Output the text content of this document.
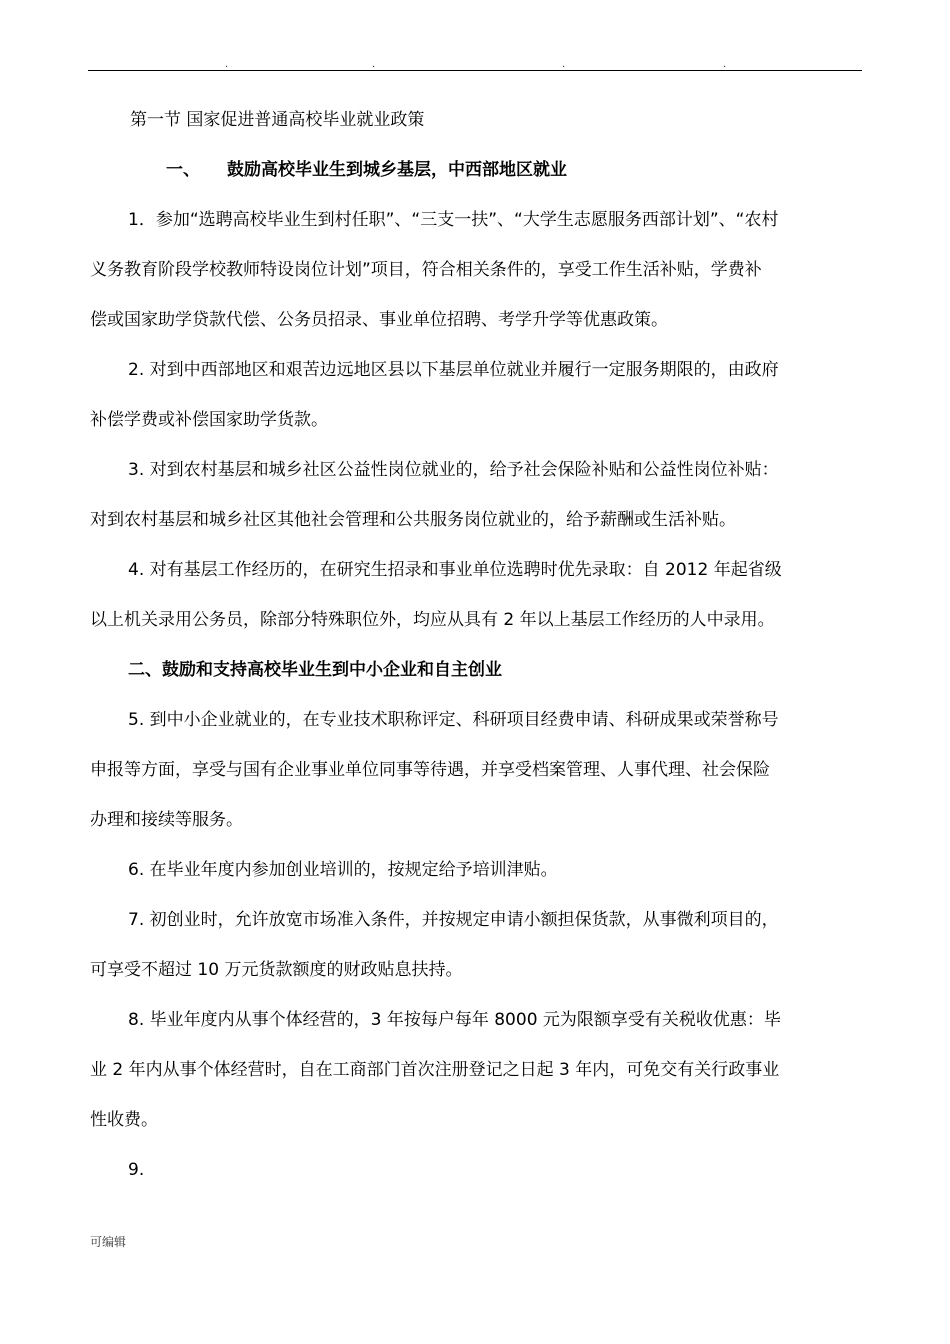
.	.	.	.

第一节 国家促进普通高校毕业就业政策

一、 鼓励高校毕业生到城乡基层，中西部地区就业

1．参加“选聘高校毕业生到村任职”、“三支一扶”、“大学生志愿服务西部计划”、“农村

义务教育阶段学校教师特设岗位计划”项目，符合相关条件的，享受工作生活补贴，学费补

偿或国家助学贷款代偿、公务员招录、事业单位招聘、考学升学等优惠政策。

2. 对到中西部地区和艰苦边远地区县以下基层单位就业并履行一定服务期限的，由政府

补偿学费或补偿国家助学货款。

3. 对到农村基层和城乡社区公益性岗位就业的，给予社会保险补贴和公益性岗位补贴：

对到农村基层和城乡社区其他社会管理和公共服务岗位就业的，给予薪酬或生活补贴。

4. 对有基层工作经历的，在研究生招录和事业单位选聘时优先录取：自 2012 年起省级

以上机关录用公务员，除部分特殊职位外，均应从具有 2 年以上基层工作经历的人中录用。

二、鼓励和支持高校毕业生到中小企业和自主创业

5. 到中小企业就业的，在专业技术职称评定、科研项目经费申请、科研成果或荣誉称号

申报等方面，享受与国有企业事业单位同事等待遇，并享受档案管理、人事代理、社会保险

办理和接续等服务。

6. 在毕业年度内参加创业培训的，按规定给予培训津贴。

7. 初创业时，允许放宽市场准入条件，并按规定申请小额担保货款，从事微利项目的，

可享受不超过 10 万元货款额度的财政贴息扶持。

8. 毕业年度内从事个体经营的，3 年按每户每年 8000 元为限额享受有关税收优惠：毕

业 2 年内从事个体经营时，自在工商部门首次注册登记之日起 3 年内，可免交有关行政事业

性收费。

9.

可编辑
